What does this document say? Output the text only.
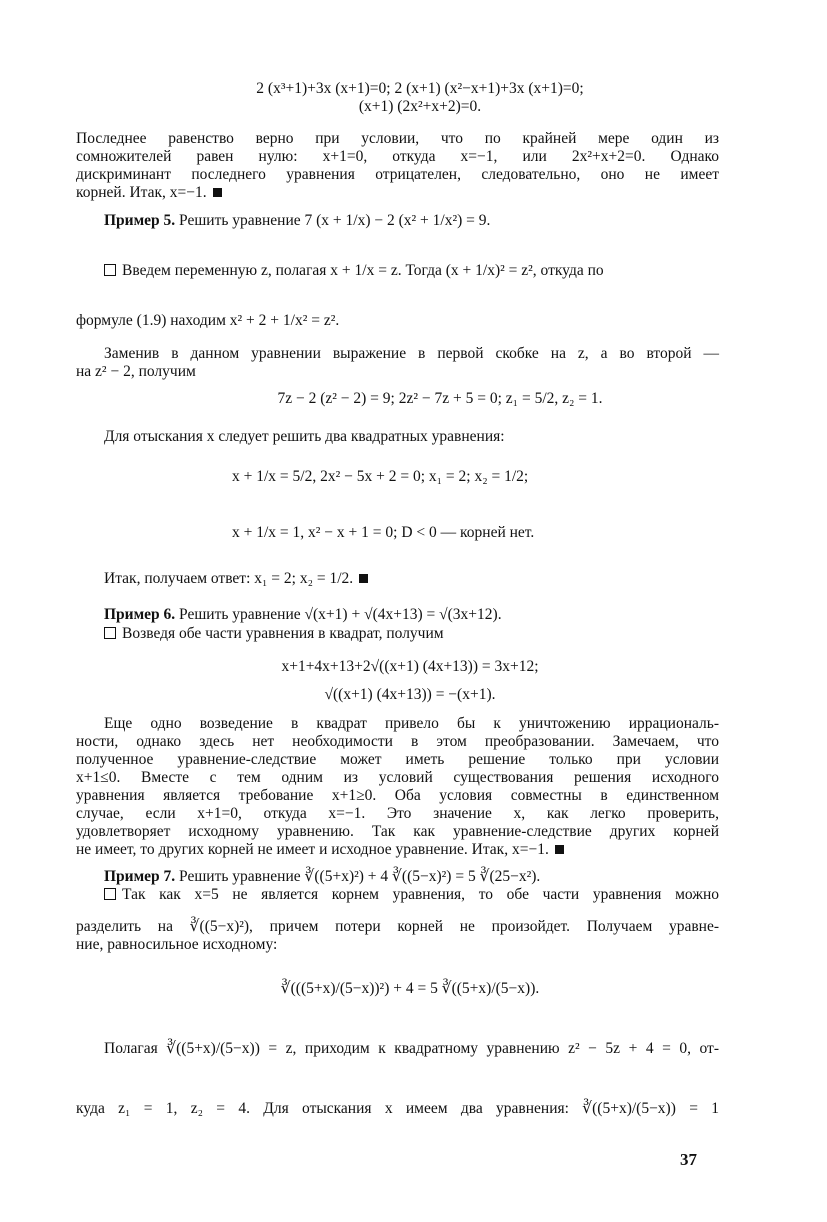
2 (x³+1)+3x (x+1)=0; 2 (x+1) (x²−x+1)+3x (x+1)=0;
(x+1) (2x²+x+2)=0.
Последнее равенство верно при условии, что по крайней мере один из
сомножителей равен нулю: x+1=0, откуда x=−1, или 2x²+x+2=0. Однако
дискриминант последнего уравнения отрицателен, следовательно, оно не имеет
корней. Итак, x=−1.
Пример 5. Решить уравнение 7 (x + 1/x) − 2 (x² + 1/x²) = 9.
Введем переменную z, полагая x + 1/x = z. Тогда (x + 1/x)² = z², откуда по
формуле (1.9) находим x² + 2 + 1/x² = z².
Заменив в данном уравнении выражение в первой скобке на z, а во второй —
на z² − 2, получим
7z − 2 (z² − 2) = 9; 2z² − 7z + 5 = 0; z₁ = 5/2, z₂ = 1.
Для отыскания x следует решить два квадратных уравнения:
x + 1/x = 5/2, 2x² − 5x + 2 = 0; x₁ = 2; x₂ = 1/2;
x + 1/x = 1, x² − x + 1 = 0; D < 0 — корней нет.
Итак, получаем ответ: x₁ = 2; x₂ = 1/2.
Пример 6. Решить уравнение √(x+1) + √(4x+13) = √(3x+12).
Возведя обе части уравнения в квадрат, получим
x+1+4x+13+2√((x+1) (4x+13)) = 3x+12;
√((x+1) (4x+13)) = −(x+1).
Еще одно возведение в квадрат привело бы к уничтожению иррациональ-
ности, однако здесь нет необходимости в этом преобразовании. Замечаем, что
полученное уравнение-следствие может иметь решение только при условии
x+1≤0. Вместе с тем одним из условий существования решения исходного
уравнения является требование x+1≥0. Оба условия совместны в единственном
случае, если x+1=0, откуда x=−1. Это значение x, как легко проверить,
удовлетворяет исходному уравнению. Так как уравнение-следствие других корней
не имеет, то других корней не имеет и исходное уравнение. Итак, x=−1.
Пример 7. Решить уравнение ∛((5+x)²) + 4 ∛((5−x)²) = 5 ∛(25−x²).
Так как x=5 не является корнем уравнения, то обе части уравнения можно
разделить на ∛((5−x)²), причем потери корней не произойдет. Получаем уравне-
ние, равносильное исходному:
∛(((5+x)/(5−x))²) + 4 = 5 ∛((5+x)/(5−x)).
Полагая ∛((5+x)/(5−x)) = z, приходим к квадратному уравнению z² − 5z + 4 = 0, от-
куда z₁ = 1, z₂ = 4. Для отыскания x имеем два уравнения: ∛((5+x)/(5−x)) = 1
37
